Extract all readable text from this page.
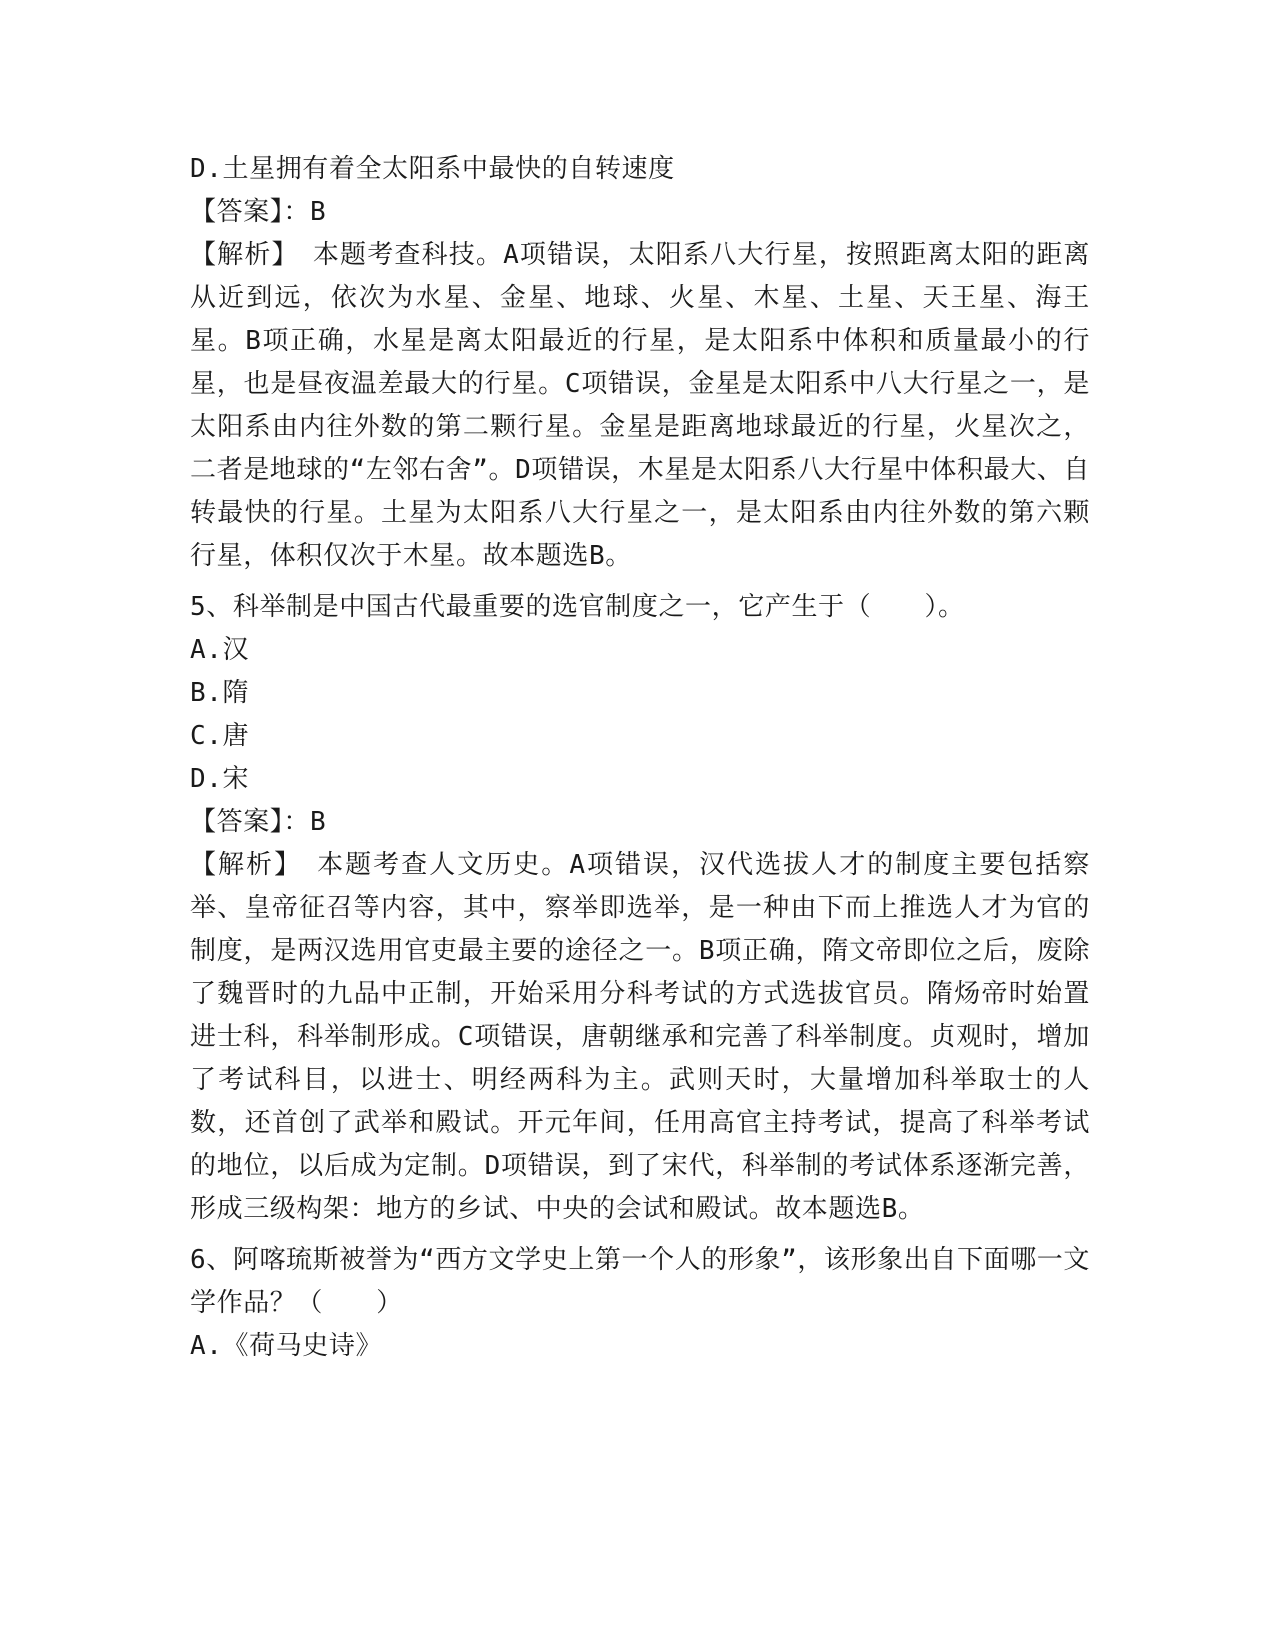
D.土星拥有着全太阳系中最快的自转速度
【答案】：B
【解析】　本题考查科技。A项错误，太阳系八大行星，按照距离太阳的距离从近到远，依次为水星、金星、地球、火星、木星、土星、天王星、海王星。B项正确，水星是离太阳最近的行星，是太阳系中体积和质量最小的行星，也是昼夜温差最大的行星。C项错误，金星是太阳系中八大行星之一，是太阳系由内往外数的第二颗行星。金星是距离地球最近的行星，火星次之，二者是地球的“左邻右舍”。D项错误，木星是太阳系八大行星中体积最大、自转最快的行星。土星为太阳系八大行星之一，是太阳系由内往外数的第六颗行星，体积仅次于木星。故本题选B。
5、科举制是中国古代最重要的选官制度之一，它产生于（　　）。
A.汉
B.隋
C.唐
D.宋
【答案】：B
【解析】　本题考查人文历史。A项错误，汉代选拔人才的制度主要包括察举、皇帝征召等内容，其中，察举即选举，是一种由下而上推选人才为官的制度，是两汉选用官吏最主要的途径之一。B项正确，隋文帝即位之后，废除了魏晋时的九品中正制，开始采用分科考试的方式选拔官员。隋炀帝时始置进士科，科举制形成。C项错误，唐朝继承和完善了科举制度。贞观时，增加了考试科目，以进士、明经两科为主。武则天时，大量增加科举取士的人数，还首创了武举和殿试。开元年间，任用高官主持考试，提高了科举考试的地位，以后成为定制。D项错误，到了宋代，科举制的考试体系逐渐完善，形成三级构架：地方的乡试、中央的会试和殿试。故本题选B。
6、阿喀琉斯被誉为“西方文学史上第一个人的形象”，该形象出自下面哪一文学作品？（　　）
A.《荷马史诗》
